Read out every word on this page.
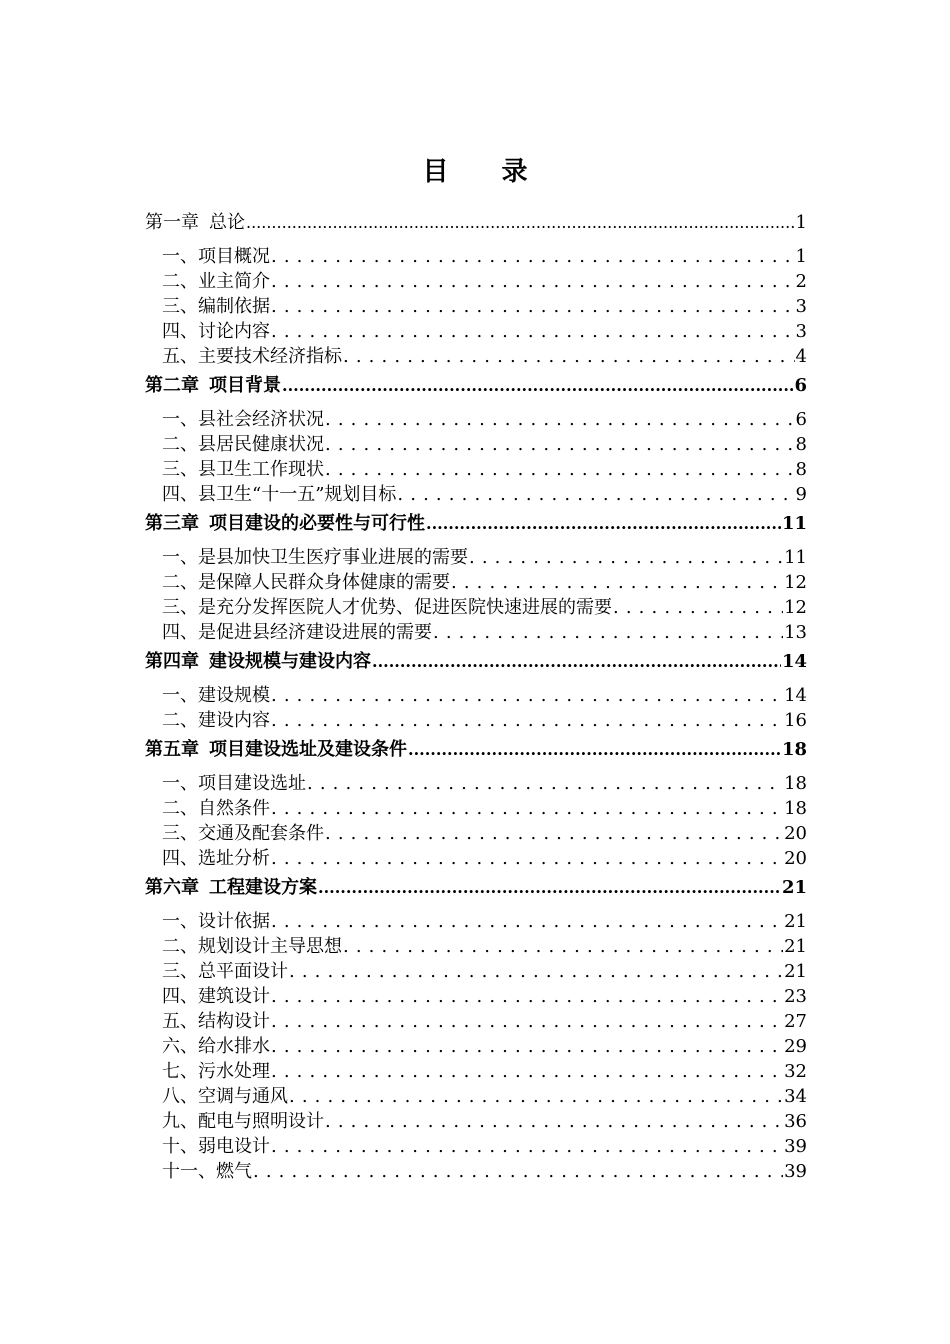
目 录
第一章 总论 .....	1
一、项目概况 . . .	1
二、业主简介 . . .	2
三、编制依据 . . .	3
四、讨论内容 . . .	3
五、主要技术经济指标 . . .	4
第二章 项目背景 .....	6
一、县社会经济状况 . . .	6
二、县居民健康状况 . . .	8
三、县卫生工作现状 . . .	8
四、县卫生“十一五”规划目标 . . .	9
第三章 项目建设的必要性与可行性 .....	11
一、是县加快卫生医疗事业进展的需要 . . .	11
二、是保障人民群众身体健康的需要 . . .	12
三、是充分发挥医院人才优势、促进医院快速进展的需要 . . .	12
四、是促进县经济建设进展的需要 . . .	13
第四章 建设规模与建设内容 .....	14
一、建设规模 . . .	14
二、建设内容 . . .	16
第五章 项目建设选址及建设条件 .....	18
一、项目建设选址 . . .	18
二、自然条件 . . .	18
三、交通及配套条件 . . .	20
四、选址分析 . . .	20
第六章 工程建设方案 .....	21
一、设计依据 . . .	21
二、规划设计主导思想 . . .	21
三、总平面设计 . . .	21
四、建筑设计 . . .	23
五、结构设计 . . .	27
六、给水排水 . . .	29
七、污水处理 . . .	32
八、空调与通风 . . .	34
九、配电与照明设计 . . .	36
十、弱电设计 . . .	39
十一、燃气 . . .	39
